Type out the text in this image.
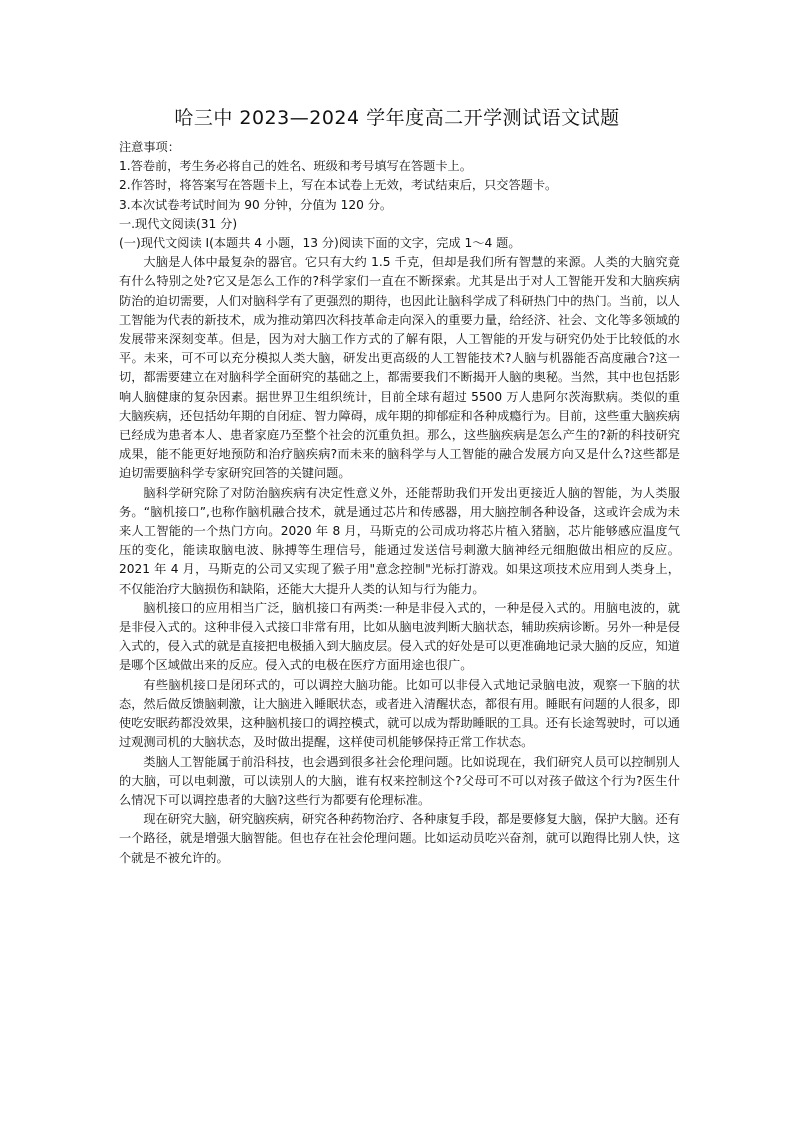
哈三中 2023—2024 学年度高二开学测试语文试题

注意事项：

1.答卷前，考生务必将自己的姓名、班级和考号填写在答题卡上。

2.作答时，将答案写在答题卡上，写在本试卷上无效，考试结束后，只交答题卡。

3.本次试卷考试时间为 90 分钟，分值为 120 分。

一.现代文阅读(31 分)

(一)现代文阅读 I(本题共 4 小题，13 分)阅读下面的文字，完成 1～4 题。

大脑是人体中最复杂的器官。它只有大约 1.5 千克，但却是我们所有智慧的来源。人类的大脑究竟有什么特别之处?它又是怎么工作的?科学家们一直在不断探索。尤其是出于对人工智能开发和大脑疾病防治的迫切需要，人们对脑科学有了更强烈的期待，也因此让脑科学成了科研热门中的热门。当前，以人工智能为代表的新技术，成为推动第四次科技革命走向深入的重要力量，给经济、社会、文化等多领域的发展带来深刻变革。但是，因为对大脑工作方式的了解有限，人工智能的开发与研究仍处于比较低的水平。未来，可不可以充分模拟人类大脑，研发出更高级的人工智能技术?人脑与机器能否高度融合?这一切，都需要建立在对脑科学全面研究的基础之上，都需要我们不断揭开人脑的奥秘。当然，其中也包括影响人脑健康的复杂因素。据世界卫生组织统计，目前全球有超过 5500 万人患阿尔茨海默病。类似的重大脑疾病，还包括幼年期的自闭症、智力障碍，成年期的抑郁症和各种成瘾行为。目前，这些重大脑疾病已经成为患者本人、患者家庭乃至整个社会的沉重负担。那么，这些脑疾病是怎么产生的?新的科技研究成果，能不能更好地预防和治疗脑疾病?而未来的脑科学与人工智能的融合发展方向又是什么?这些都是迫切需要脑科学专家研究回答的关键问题。

脑科学研究除了对防治脑疾病有决定性意义外，还能帮助我们开发出更接近人脑的智能，为人类服务。“脑机接口”,也称作脑机融合技术，就是通过芯片和传感器，用大脑控制各种设备，这或许会成为未来人工智能的一个热门方向。2020 年 8 月，马斯克的公司成功将芯片植入猪脑，芯片能够感应温度气压的变化，能读取脑电波、脉搏等生理信号，能通过发送信号刺激大脑神经元细胞做出相应的反应。2021 年 4 月，马斯克的公司又实现了猴子用"意念控制"光标打游戏。如果这项技术应用到人类身上，不仅能治疗大脑损伤和缺陷，还能大大提升人类的认知与行为能力。

脑机接口的应用相当广泛，脑机接口有两类:一种是非侵入式的，一种是侵入式的。用脑电波的，就是非侵入式的。这种非侵入式接口非常有用，比如从脑电波判断大脑状态，辅助疾病诊断。另外一种是侵入式的，侵入式的就是直接把电极插入到大脑皮层。侵入式的好处是可以更准确地记录大脑的反应，知道是哪个区域做出来的反应。侵入式的电极在医疗方面用途也很广。

有些脑机接口是闭环式的，可以调控大脑功能。比如可以非侵入式地记录脑电波，观察一下脑的状态，然后做反馈脑刺激，让大脑进入睡眠状态，或者进入清醒状态，都很有用。睡眠有问题的人很多，即使吃安眠药都没效果，这种脑机接口的调控模式，就可以成为帮助睡眠的工具。还有长途驾驶时，可以通过观测司机的大脑状态，及时做出提醒，这样使司机能够保持正常工作状态。

类脑人工智能属于前沿科技，也会遇到很多社会伦理问题。比如说现在，我们研究人员可以控制别人的大脑，可以电刺激，可以读别人的大脑，谁有权来控制这个?父母可不可以对孩子做这个行为?医生什么情况下可以调控患者的大脑?这些行为都要有伦理标准。

现在研究大脑，研究脑疾病，研究各种药物治疗、各种康复手段，都是要修复大脑，保护大脑。还有一个路径，就是增强大脑智能。但也存在社会伦理问题。比如运动员吃兴奋剂，就可以跑得比别人快，这个就是不被允许的。
